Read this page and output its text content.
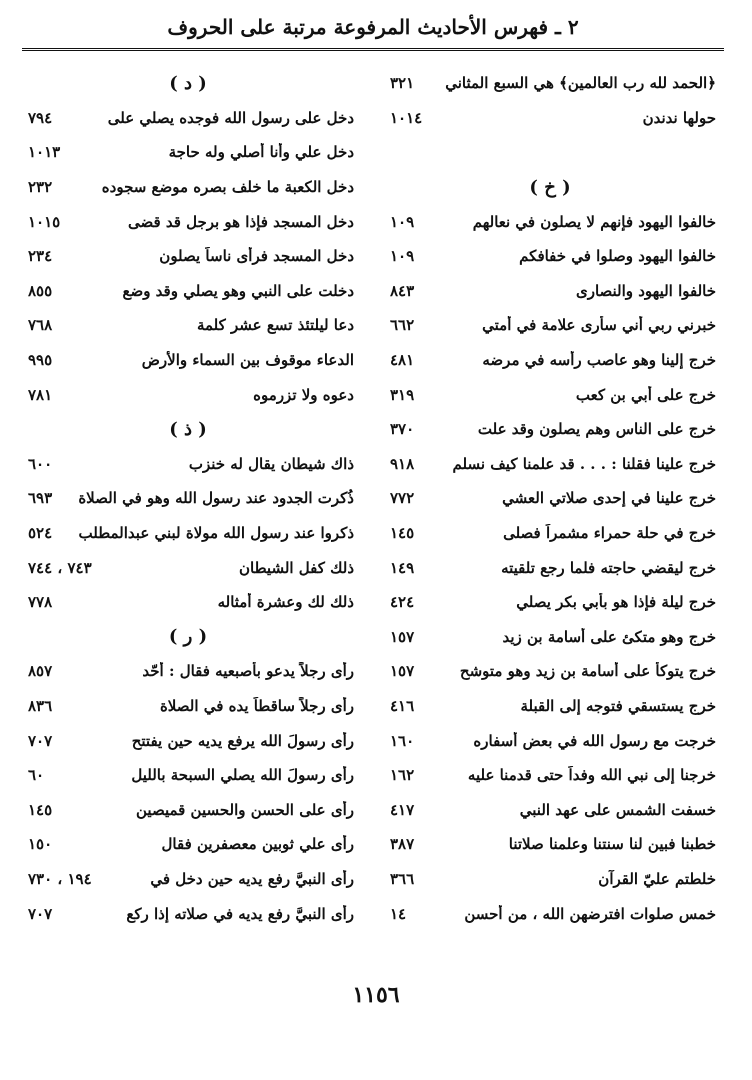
٢ ـ فهرس الأحاديث المرفوعة مرتبة على الحروف
﴿الحمد لله رب العالمين﴾ هي السبع المثاني
٣٢١
حولها ندندن
١٠١٤
( خ )
خالفوا اليهود فإنهم لا يصلون في نعالهم
١٠٩
خالفوا اليهود وصلوا في خفافكم
١٠٩
خالفوا اليهود والنصارى
٨٤٣
خبرني ربي أني سأرى علامة في أمتي
٦٦٢
خرج إلينا وهو عاصب رأسه في مرضه
٤٨١
خرج على أبي بن كعب
٣١٩
خرج على الناس وهم يصلون وقد علت
٣٧٠
خرج علينا فقلنا : . . . قد علمنا كيف نسلم
٩١٨
خرج علينا في إحدى صلاتي العشي
٧٧٢
خرج في حلة حمراء مشمراً فصلى
١٤٥
خرج ليقضي حاجته فلما رجع تلقيته
١٤٩
خرج ليلة فإذا هو بأبي بكر يصلي
٤٢٤
خرج وهو متكئ على أسامة بن زيد
١٥٧
خرج يتوكأ على أسامة بن زيد وهو متوشح
١٥٧
خرج يستسقي فتوجه إلى القبلة
٤١٦
خرجت مع رسول الله في بعض أسفاره
١٦٠
خرجنا إلى نبي الله وفداً حتى قدمنا عليه
١٦٢
خسفت الشمس على عهد النبي
٤١٧
خطبنا فبين لنا سنتنا وعلمنا صلاتنا
٣٨٧
خلطتم عليّ القرآن
٣٦٦
خمس صلوات افترضهن الله ، من أحسن
١٤
( د )
دخل على رسول الله فوجده يصلي على
٧٩٤
دخل علي وأنا أصلي وله حاجة
١٠١٣
دخل الكعبة ما خلف بصره موضع سجوده
٢٣٢
دخل المسجد فإذا هو برجل قد قضى
١٠١٥
دخل المسجد فرأى ناساً يصلون
٢٣٤
دخلت على النبي وهو يصلي وقد وضع
٨٥٥
دعا ليلتئذ تسع عشر كلمة
٧٦٨
الدعاء موقوف بين السماء والأرض
٩٩٥
دعوه ولا تزرموه
٧٨١
( ذ )
ذاك شيطان يقال له خنزب
٦٠٠
ذُكرت الجدود عند رسول الله وهو في الصلاة
٦٩٣
ذكروا عند رسول الله مولاة لبني عبدالمطلب
٥٢٤
ذلك كفل الشيطان
٧٤٣ ، ٧٤٤
ذلك لك وعشرة أمثاله
٧٧٨
( ر )
رأى رجلاً يدعو بأصبعيه فقال : أحّد
٨٥٧
رأى رجلاً ساقطاً يده في الصلاة
٨٣٦
رأى رسولَ الله يرفع يديه حين يفتتح
٧٠٧
رأى رسولَ الله يصلي السبحة بالليل
٦٠
رأى على الحسن والحسين قميصين
١٤٥
رأى علي ثوبين معصفرين فقال
١٥٠
رأى النبيَّ رفع يديه حين دخل في
١٩٤ ، ٧٣٠
رأى النبيَّ رفع يديه في صلاته إذا ركع
٧٠٧
١١٥٦
